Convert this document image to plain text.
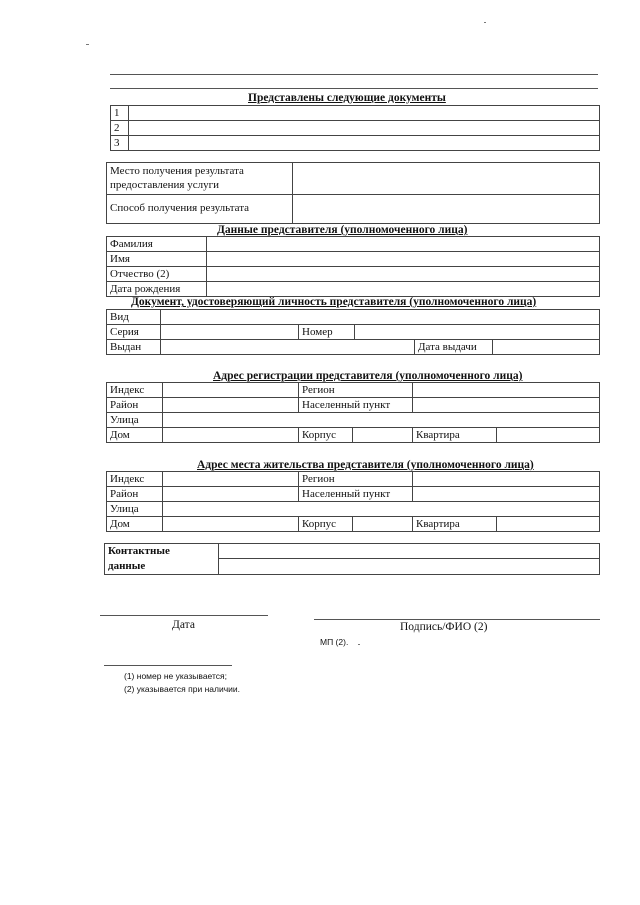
Представлены следующие документы
1	
2	
3	
Место получения результата предоставления услуги	
Способ получения результата	
Данные представителя (уполномоченного лица)
Фамилия	
Имя	
Отчество (2)	
Дата рождения	
Документ, удостоверяющий личность представителя (уполномоченного лица)
Вид					
Серия		Номер			
Выдан				Дата выдачи	
Адрес регистрации представителя (уполномоченного лица)
Индекс		Регион			
Район		Населенный пункт			
Улица					
Дом		Корпус		Квартира	
Адрес места жительства представителя (уполномоченного лица)
Индекс		Регион			
Район		Населенный пункт			
Улица					
Дом		Корпус		Квартира	
Контактные	
данные	
Дата	Подпись/ФИО (2)
МП (2).
(1) номер не указывается;
(2) указывается при наличии.
